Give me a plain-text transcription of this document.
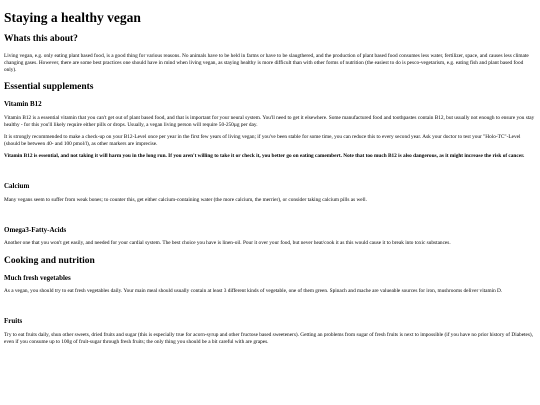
Staying a healthy vegan
Whats this about?

Living vegan, e.g. only eating plant based food, is a good thing for various reasons. No animals have to be held in farms or have to be slaugthered, and the production of plant based food consumes less water, fertilizer, space, and causes less climate changing gases. However, there are some best practices one should have in mind when living vegan, as staying healthy is more difficult than with other forms of nutrition (the easiest to do is pesco-vegetarism, e.g. eating fish and plant based food only).

Essential supplements
Vitamin B12

Vitamin B12 is a essential vitamin that you can't get out of plant based food, and that is important for your neural system. You'll need to get it elsewhere. Some manufactured food and toothpastes contain B12, but usually not enough to ensure you stay healthy - for this you'll likely require either pills or drops. Usually, a vegan living person will require 50-250µg per day.

It is strongly recommended to make a check-up on your B12-Level once per year in the first few years of living vegan; if you've been stable for some time, you can reduce this to every second year. Ask your doctor to test your "Holo-TC"-Level (should be between 40- and 100 pmol/l), as other markers are imprecise.

Vitamin B12 is essential, and not taking it will harm you in the long run. If you aren't willing to take it or check it, you better go on eating camembert. Note that too much B12 is also dangerous, as it might increase the risk of cancer.

Calcium

Many vegans seem to suffer from weak bones; to counter this, get either calcium-containing water (the more calcium, the merrier), or consider taking calcium pills as well.

Omega3-Fatty-Acids

Another one that you won't get easily, and needed for your cardial system. The best choice you have is linen-oil. Pour it over your food, but never heat/cook it as this would cause it to break into toxic substances.

Cooking and nutrition
Much fresh vegetables

As a vegan, you should try to eat fresh vegetables daily. Your main meal should usually contain at least 3 different kinds of vegetable, one of them green. Spinach and mache are valueable sources for iron, mushrooms deliver vitamin D.

Fruits

Try to eat fruits daily, shun other sweets, dried fruits and sugar (this is especially true for acorn-syrup and other fructose based sweeteners). Getting an problems from sugar of fresh fruits is next to impossible (if you have no prior history of Diabetes), even if you consume up to 100g of fruit-sugar through fresh fruits; the only thing you should be a bit careful with are grapes.
